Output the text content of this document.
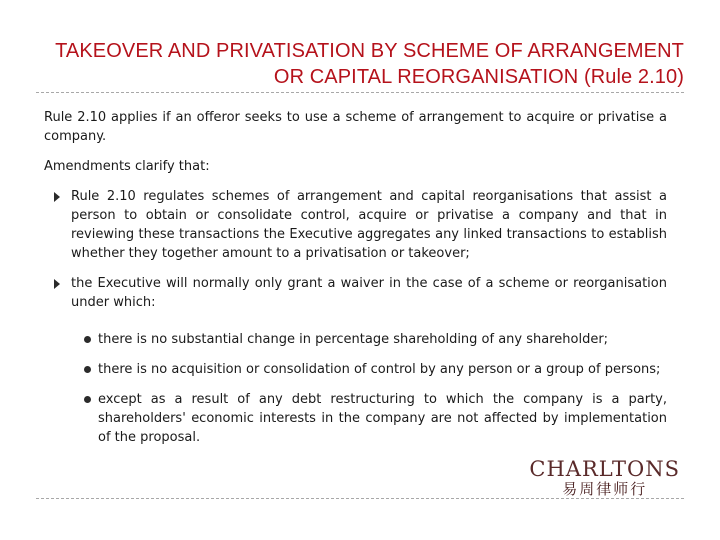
TAKEOVER AND PRIVATISATION BY SCHEME OF ARRANGEMENT OR CAPITAL REORGANISATION (Rule 2.10)

Rule 2.10 applies if an offeror seeks to use a scheme of arrangement to acquire or privatise a company.

Amendments clarify that:

Rule 2.10 regulates schemes of arrangement and capital reorganisations that assist a person to obtain or consolidate control, acquire or privatise a company and that in reviewing these transactions the Executive aggregates any linked transactions to establish whether they together amount to a privatisation or takeover;
the Executive will normally only grant a waiver in the case of a scheme or reorganisation under which:
there is no substantial change in percentage shareholding of any shareholder;
there is no acquisition or consolidation of control by any person or a group of persons;
except as a result of any debt restructuring to which the company is a party, shareholders' economic interests in the company are not affected by implementation of the proposal.
CHARLTONS
易周律师行
